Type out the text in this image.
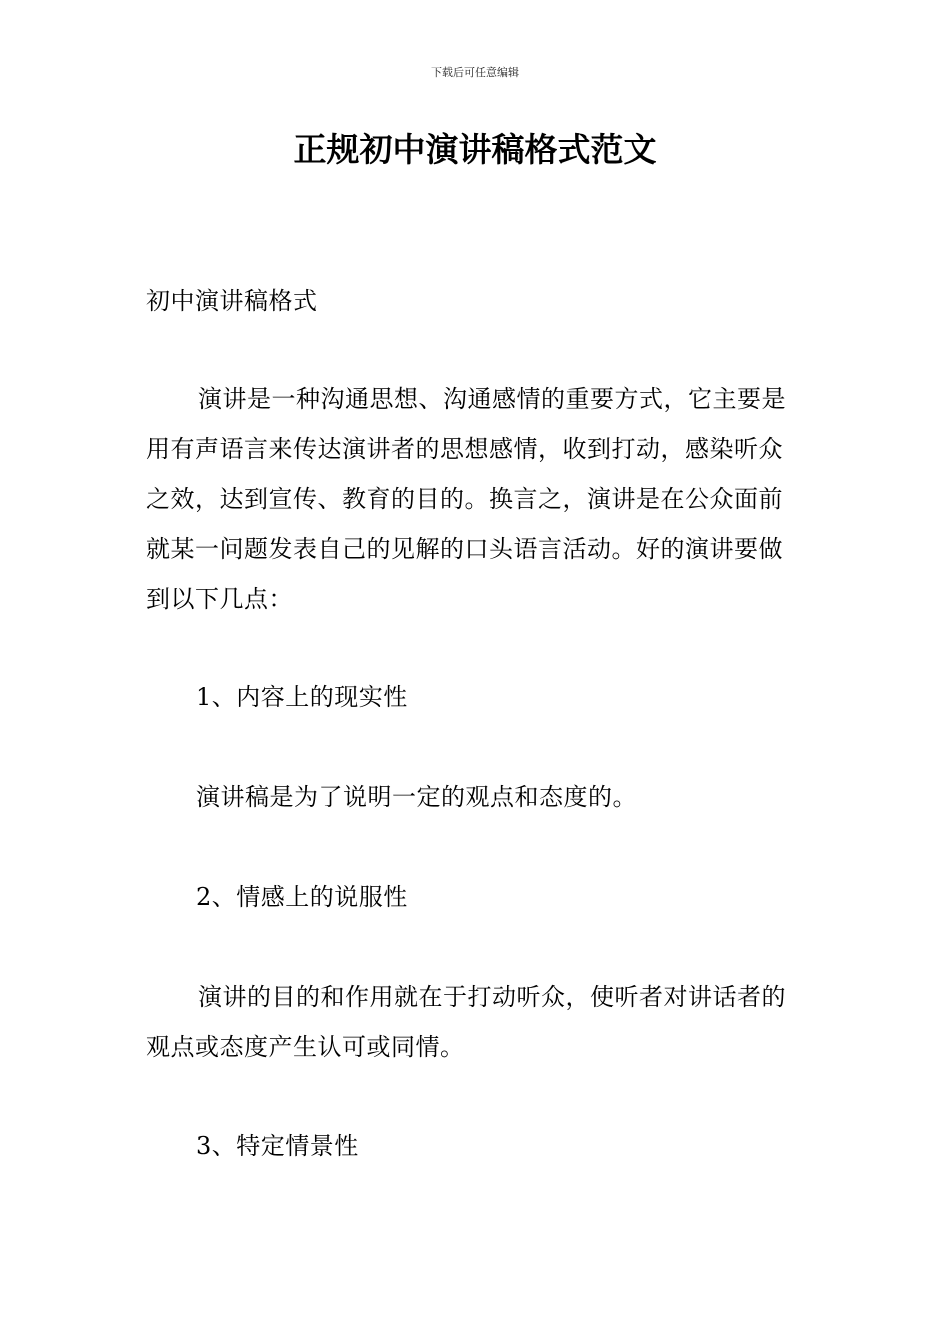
下载后可任意编辑
正规初中演讲稿格式范文

初中演讲稿格式

演讲是一种沟通思想、沟通感情的重要方式，它主要是用有声语言来传达演讲者的思想感情，收到打动，感染听众之效，达到宣传、教育的目的。换言之，演讲是在公众面前就某一问题发表自己的见解的口头语言活动。好的演讲要做到以下几点：

1、内容上的现实性

演讲稿是为了说明一定的观点和态度的。

2、情感上的说服性

演讲的目的和作用就在于打动听众，使听者对讲话者的观点或态度产生认可或同情。

3、特定情景性
